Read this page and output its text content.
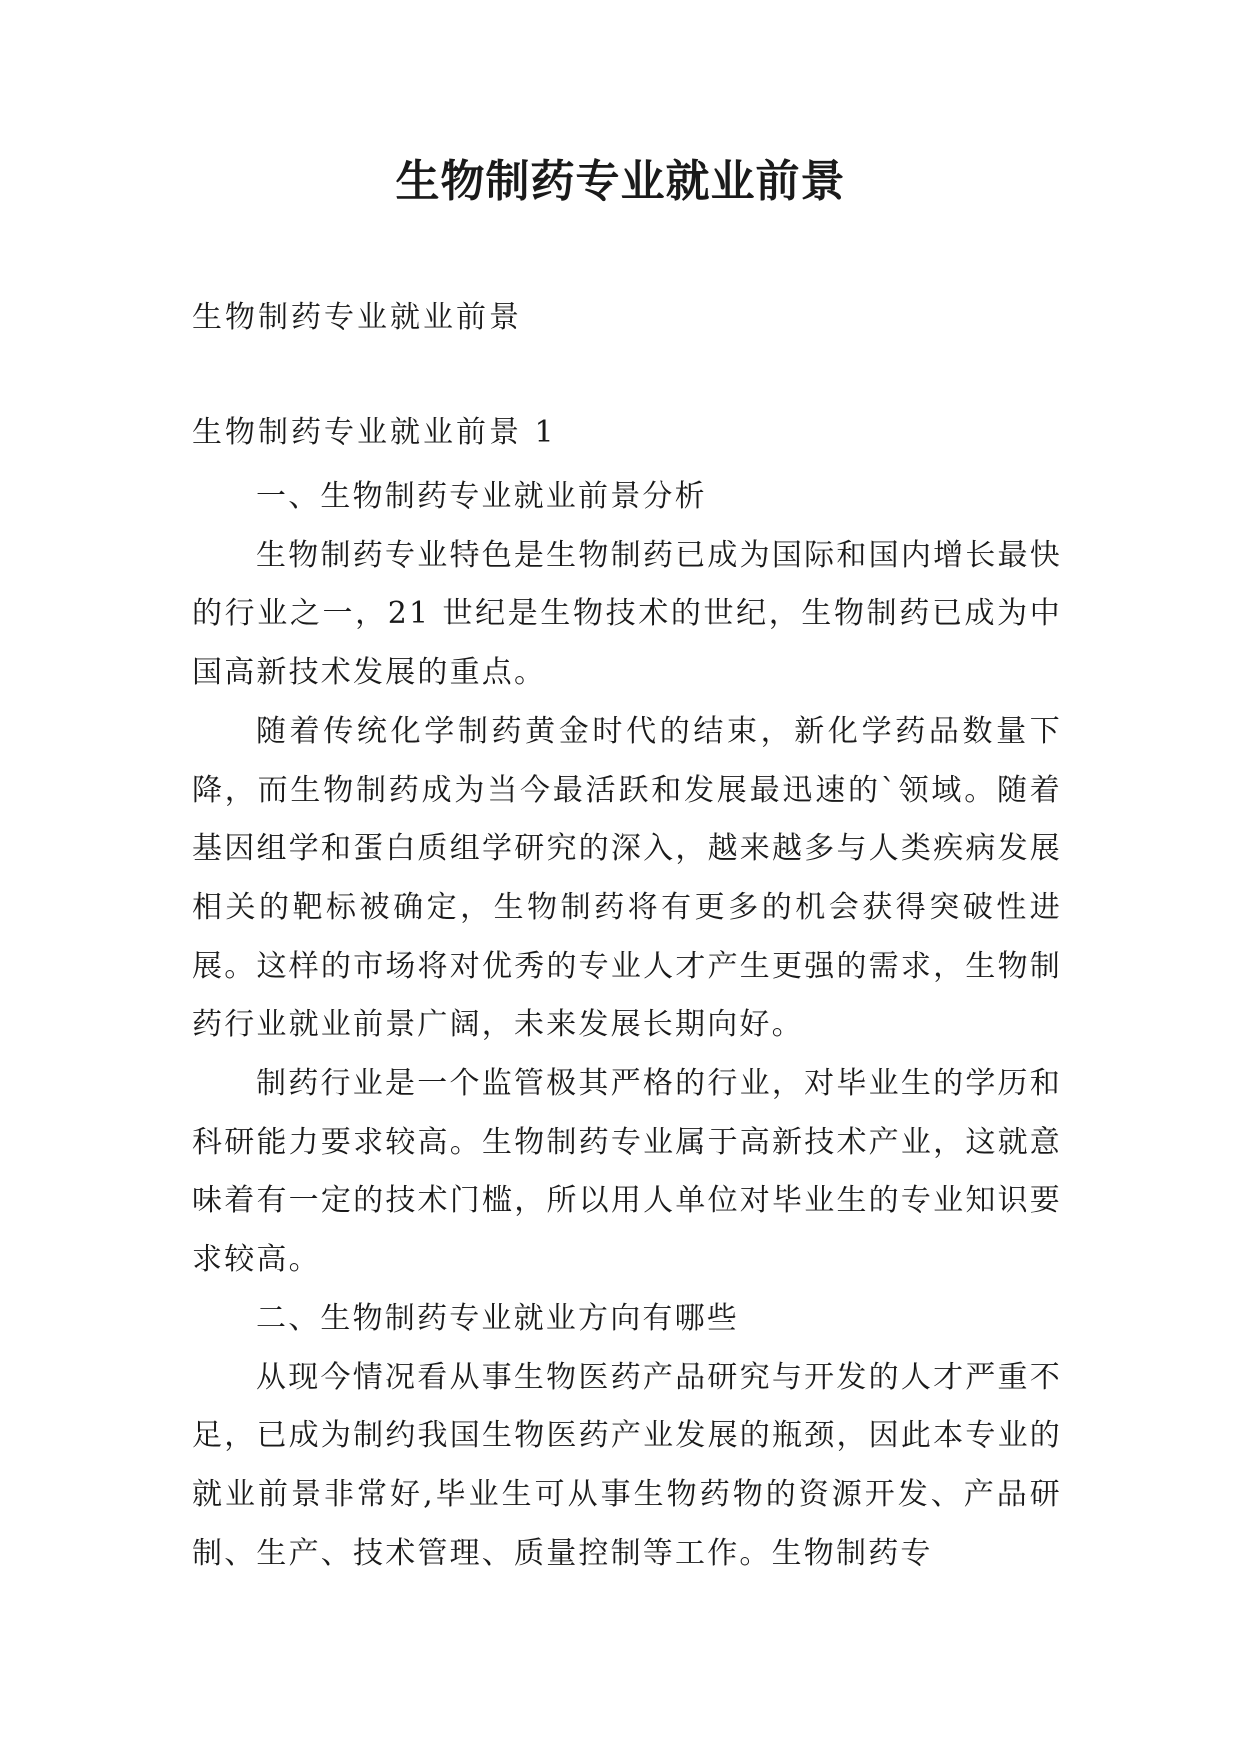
生物制药专业就业前景

生物制药专业就业前景

生物制药专业就业前景 1

一、生物制药专业就业前景分析

生物制药专业特色是生物制药已成为国际和国内增长最快的行业之一，21 世纪是生物技术的世纪，生物制药已成为中国高新技术发展的重点。

随着传统化学制药黄金时代的结束，新化学药品数量下降，而生物制药成为当今最活跃和发展最迅速的`领域。随着基因组学和蛋白质组学研究的深入，越来越多与人类疾病发展相关的靶标被确定，生物制药将有更多的机会获得突破性进展。这样的市场将对优秀的专业人才产生更强的需求，生物制药行业就业前景广阔，未来发展长期向好。

制药行业是一个监管极其严格的行业，对毕业生的学历和科研能力要求较高。生物制药专业属于高新技术产业，这就意味着有一定的技术门槛，所以用人单位对毕业生的专业知识要求较高。

二、生物制药专业就业方向有哪些

从现今情况看从事生物医药产品研究与开发的人才严重不足，已成为制约我国生物医药产业发展的瓶颈，因此本专业的就业前景非常好,毕业生可从事生物药物的资源开发、产品研制、生产、技术管理、质量控制等工作。生物制药专
